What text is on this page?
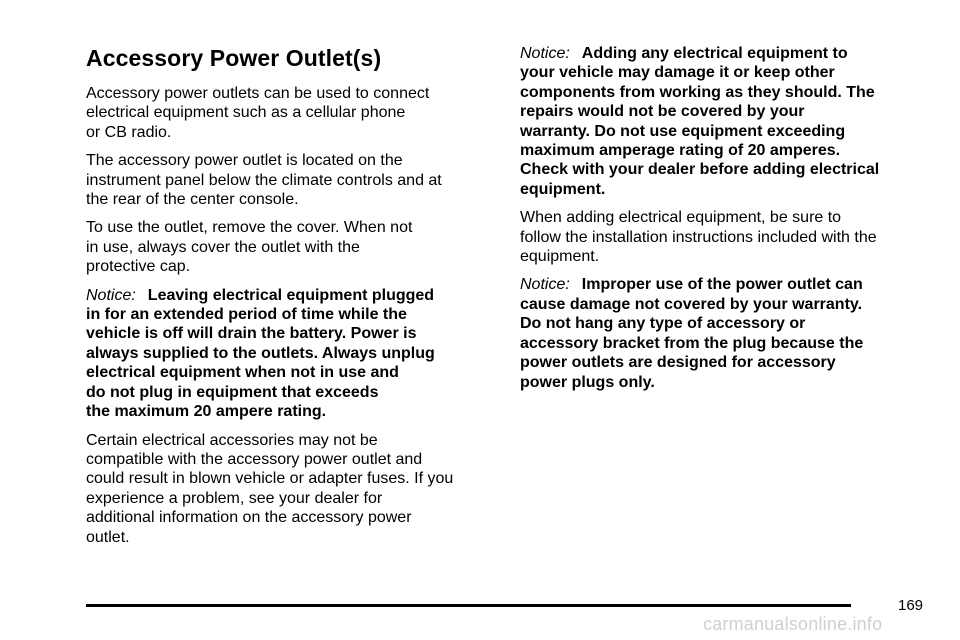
Accessory Power Outlet(s)

Accessory power outlets can be used to connect
electrical equipment such as a cellular phone
or CB radio.

The accessory power outlet is located on the
instrument panel below the climate controls and at
the rear of the center console.

To use the outlet, remove the cover. When not
in use, always cover the outlet with the
protective cap.

Notice: Leaving electrical equipment plugged
in for an extended period of time while the
vehicle is off will drain the battery. Power is
always supplied to the outlets. Always unplug
electrical equipment when not in use and
do not plug in equipment that exceeds
the maximum 20 ampere rating.

Certain electrical accessories may not be
compatible with the accessory power outlet and
could result in blown vehicle or adapter fuses. If you
experience a problem, see your dealer for
additional information on the accessory power
outlet.

Notice: Adding any electrical equipment to
your vehicle may damage it or keep other
components from working as they should. The
repairs would not be covered by your
warranty. Do not use equipment exceeding
maximum amperage rating of 20 amperes.
Check with your dealer before adding electrical
equipment.

When adding electrical equipment, be sure to
follow the installation instructions included with the
equipment.

Notice: Improper use of the power outlet can
cause damage not covered by your warranty.
Do not hang any type of accessory or
accessory bracket from the plug because the
power outlets are designed for accessory
power plugs only.

169
carmanualsonline.info
